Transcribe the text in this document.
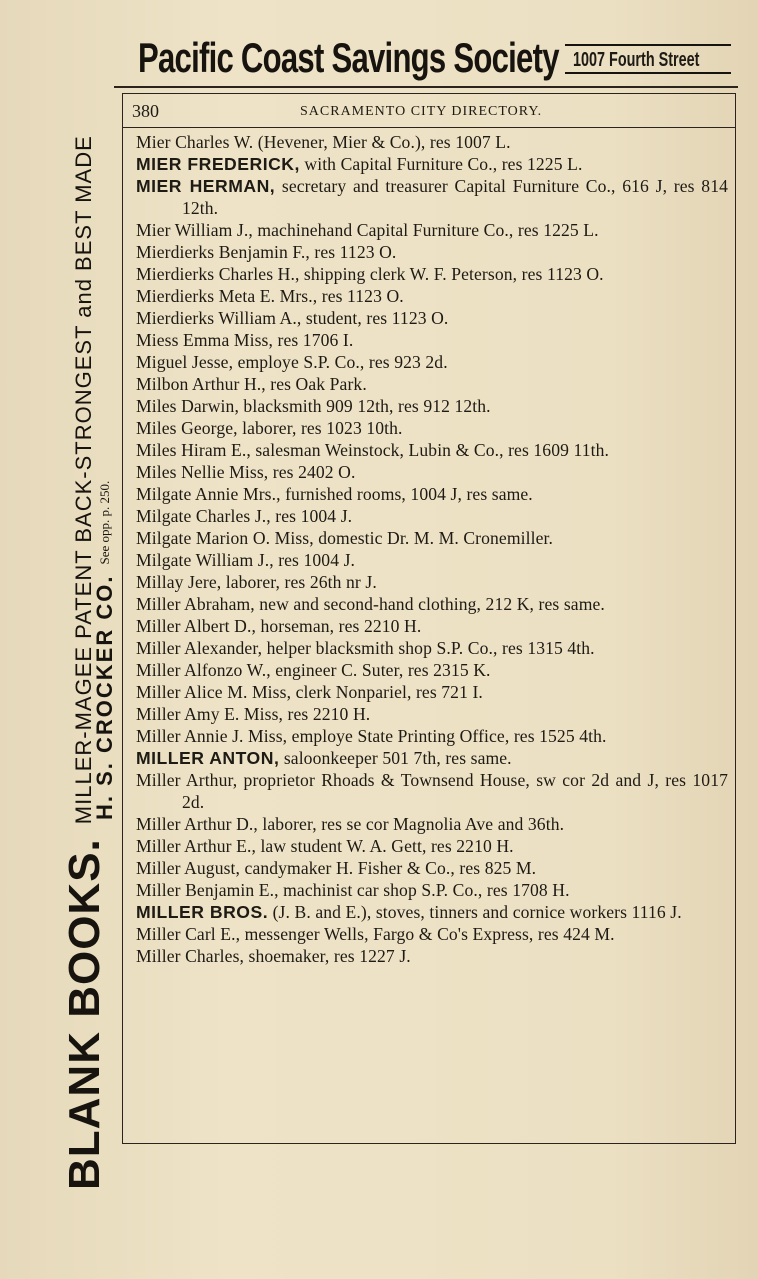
Pacific Coast Savings Society 1007 Fourth Street
BLANK BOOKS.MILLER-MAGEE PATENT BACK-STRONGEST and BEST MADE
H. S. CROCKER CO.See opp. p. 250.
380	SACRAMENTO CITY DIRECTORY.
Mier Charles W. (Hevener, Mier & Co.), res 1007 L.
MIER FREDERICK, with Capital Furniture Co., res 1225 L.
MIER HERMAN, secretary and treasurer Capital Furniture Co., 616 J, res 814 12th.
Mier William J., machinehand Capital Furniture Co., res 1225 L.
Mierdierks Benjamin F., res 1123 O.
Mierdierks Charles H., shipping clerk W. F. Peterson, res 1123 O.
Mierdierks Meta E. Mrs., res 1123 O.
Mierdierks William A., student, res 1123 O.
Miess Emma Miss, res 1706 I.
Miguel Jesse, employe S.P. Co., res 923 2d.
Milbon Arthur H., res Oak Park.
Miles Darwin, blacksmith 909 12th, res 912 12th.
Miles George, laborer, res 1023 10th.
Miles Hiram E., salesman Weinstock, Lubin & Co., res 1609 11th.
Miles Nellie Miss, res 2402 O.
Milgate Annie Mrs., furnished rooms, 1004 J, res same.
Milgate Charles J., res 1004 J.
Milgate Marion O. Miss, domestic Dr. M. M. Cronemiller.
Milgate William J., res 1004 J.
Millay Jere, laborer, res 26th nr J.
Miller Abraham, new and second-hand clothing, 212 K, res same.
Miller Albert D., horseman, res 2210 H.
Miller Alexander, helper blacksmith shop S.P. Co., res 1315 4th.
Miller Alfonzo W., engineer C. Suter, res 2315 K.
Miller Alice M. Miss, clerk Nonpariel, res 721 I.
Miller Amy E. Miss, res 2210 H.
Miller Annie J. Miss, employe State Printing Office, res 1525 4th.
MILLER ANTON, saloonkeeper 501 7th, res same.
Miller Arthur, proprietor Rhoads & Townsend House, sw cor 2d and J, res 1017 2d.
Miller Arthur D., laborer, res se cor Magnolia Ave and 36th.
Miller Arthur E., law student W. A. Gett, res 2210 H.
Miller August, candymaker H. Fisher & Co., res 825 M.
Miller Benjamin E., machinist car shop S.P. Co., res 1708 H.
MILLER BROS. (J. B. and E.), stoves, tinners and cornice workers 1116 J.
Miller Carl E., messenger Wells, Fargo & Co's Express, res 424 M.
Miller Charles, shoemaker, res 1227 J.
